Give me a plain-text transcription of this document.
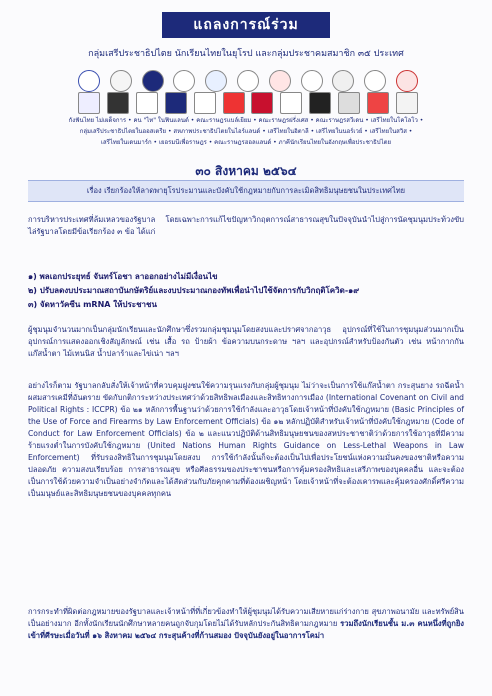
แถลงการณ์ร่วม
กลุ่มเสรีประชาธิปไตย นักเรียนไทยในยุโรป และกลุ่มประชาคมสมาชิก ๓๕ ประเทศ
กังฟันไทย ไม่เผด็จการ • คน "ไท" ในฟินแลนด์ • คณะราษฎรแบล์เยียม • คณะราษฎรฝรั่งเศส • คณะราษฎรสวีเดน • เสรีไทยในโคโลโว •
กลุ่มเสรีประชาธิปไตยในออสเตรีย • สหภาพประชาธิปไตยในไอร์แลนด์ • เสรีไทยในอิตาลี • เสรีไทยในนอร์เวย์ • เสรีไทยในสวิส •
เสรีไทยในเดนมาร์ก • เยอรมนีเพื่อราษฎร • คณะราษฎรฮอลแลนด์ • ภาคีนักเรียนไทยในอังกฤษเพื่อประชาธิปไตย
๓๐ สิงหาคม ๒๕๖๔
เรื่อง เรียกร้องให้ลาดพายุโรประมานและบังคับใช้กฎหมายกับการละเมิดสิทธิมนุษยชนในประเทศไทย
การบริหารประเทศที่ล้มเหลวของรัฐบาล โดยเฉพาะการแก้ไขปัญหาวิกฤตการณ์สาธารณสุขในปัจจุบันนำไปสู่การนัดชุมนุมประท้วงขับไล่รัฐบาลโดยมีข้อเรียกร้อง ๓ ข้อ ได้แก่
๑) พลเอกประยุทธ์ จันทร์โอชา ลาออกอย่างไม่มีเงื่อนไข
๒) ปรับลดงบประมาณสถาบันกษัตริย์และงบประมาณกองทัพเพื่อนำไปใช้จัดการกับวิกฤติโควิด-๑๙
๓) จัดหาวัคซีน mRNA ให้ประชาชน
ผู้ชุมนุมจำนวนมากเป็นกลุ่มนักเรียนและนักศึกษาซึ่งรวมกลุ่มชุมนุมโดยสงบและปราศจากอาวุธ อุปกรณ์ที่ใช้ในการชุมนุมส่วนมากเป็นอุปกรณ์การแสดงออกเชิงสัญลักษณ์ เช่น เสื้อ รถ ป้ายผ้า ข้อความบนกระดาษ ฯลฯ และอุปกรณ์สำหรับป้องกันตัว เช่น หน้ากากกันแก๊สน้ำตา ไม้เทนนิส น้ำปลาร้าและไข่เน่า ฯลฯ
อย่างไรก็ตาม รัฐบาลกลับสั่งให้เจ้าหน้าที่ควบคุมฝูงชนใช้ความรุนแรงกับกลุ่มผู้ชุมนุม ไม่ว่าจะเป็นการใช้แก๊สน้ำตา กระสุนยาง รถฉีดน้ำผสมสารเคมีที่อันตราย ขัดกับกติการะหว่างประเทศว่าด้วยสิทธิพลเมืองและสิทธิทางการเมือง (International Covenant on Civil and Political Rights : ICCPR) ข้อ ๒๑ หลักการพื้นฐานว่าด้วยการใช้กำลังและอาวุธโดยเจ้าหน้าที่บังคับใช้กฎหมาย (Basic Principles of the Use of Force and Firearms by Law Enforcement Officials) ข้อ ๑๒ หลักปฏิบัติสำหรับเจ้าหน้าที่บังคับใช้กฎหมาย (Code of Conduct for Law Enforcement Officials) ข้อ ๒ และแนวปฏิบัติด้านสิทธิมนุษยชนของสหประชาชาติว่าด้วยการใช้อาวุธที่มีความร้ายแรงต่ำในการบังคับใช้กฎหมาย (United Nations Human Rights Guidance on Less-Lethal Weapons in Law Enforcement) ที่รับรองสิทธิในการชุมนุมโดยสงบ การใช้กำลังนั้นก็จะต้องเป็นไปเพื่อประโยชน์แห่งความมั่นคงของชาติหรือความปลอดภัย ความสงบเรียบร้อย การสาธารณสุข หรือศีลธรรมของประชาชนหรือการคุ้มครองสิทธิและเสรีภาพของบุคคลอื่น และจะต้องเป็นการใช้ด้วยความจำเป็นอย่างจำกัดและได้สัดส่วนกับภัยคุกคามที่ต้องเผชิญหน้า โดยเจ้าหน้าที่จะต้องเคารพและคุ้มครองศักดิ์ศรีความเป็นมนุษย์และสิทธิมนุษยชนของบุคคลทุกคน
การกระทำที่ผิดต่อกฎหมายของรัฐบาลและเจ้าหน้าที่ที่เกี่ยวข้องทำให้ผู้ชุมนุมได้รับความเสียหายแก่ร่างกาย สุขภาพอนามัย และทรัพย์สินเป็นอย่างมาก อีกทั้งนักเรียนนักศึกษาหลายคนถูกจับกุมโดยไม่ได้รับหลักประกันสิทธิตามกฎหมาย รวมถึงนักเรียนชั้น ม.๓ คนหนึ่งที่ถูกยิงเข้าที่ศีรษะเมื่อวันที่ ๑๖ สิงหาคม ๒๕๖๔ กระสุนค้างที่ก้านสมอง ปัจจุบันยังอยู่ในอาการโคม่า
